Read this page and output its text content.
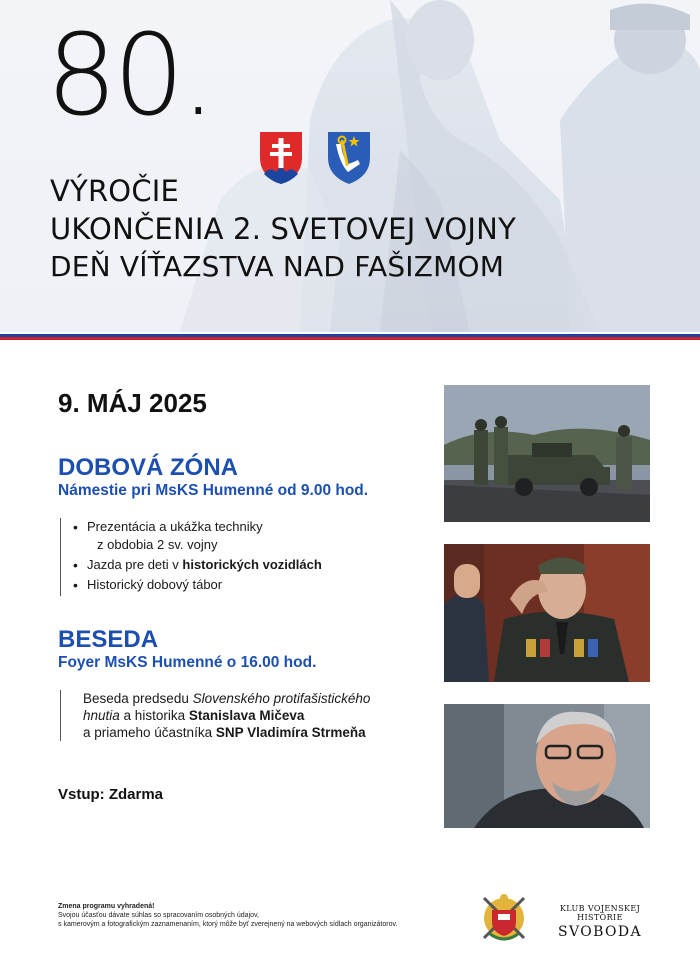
80.
VÝROČIE
UKONČENIA 2. SVETOVEJ VOJNY
DEŇ VÍŤAZSTVA NAD FAŠIZMOM
9. MÁJ 2025
DOBOVÁ ZÓNA
Námestie pri MsKS Humenné od 9.00 hod.
• Prezentácia a ukážka techniky
z obdobia 2 sv. vojny
• Jazda pre deti v historických vozidlách
• Historický dobový tábor
BESEDA
Foyer MsKS Humenné o 16.00 hod.
Beseda predsedu Slovenského protifašistického
hnutia a historika Stanislava Mičeva
a priameho účastníka SNP Vladimíra Strmeňa
Vstup: Zdarma
Zmena programu vyhradená!
Svojou účasťou dávate súhlas so spracovaním osobných údajov,
s kamerovým a fotografickým zaznamenaním, ktorý môže byť zverejnený na webových sídlach organizátorov.
KLUB VOJENSKEJ HISTÓRIE
SVOBODA
